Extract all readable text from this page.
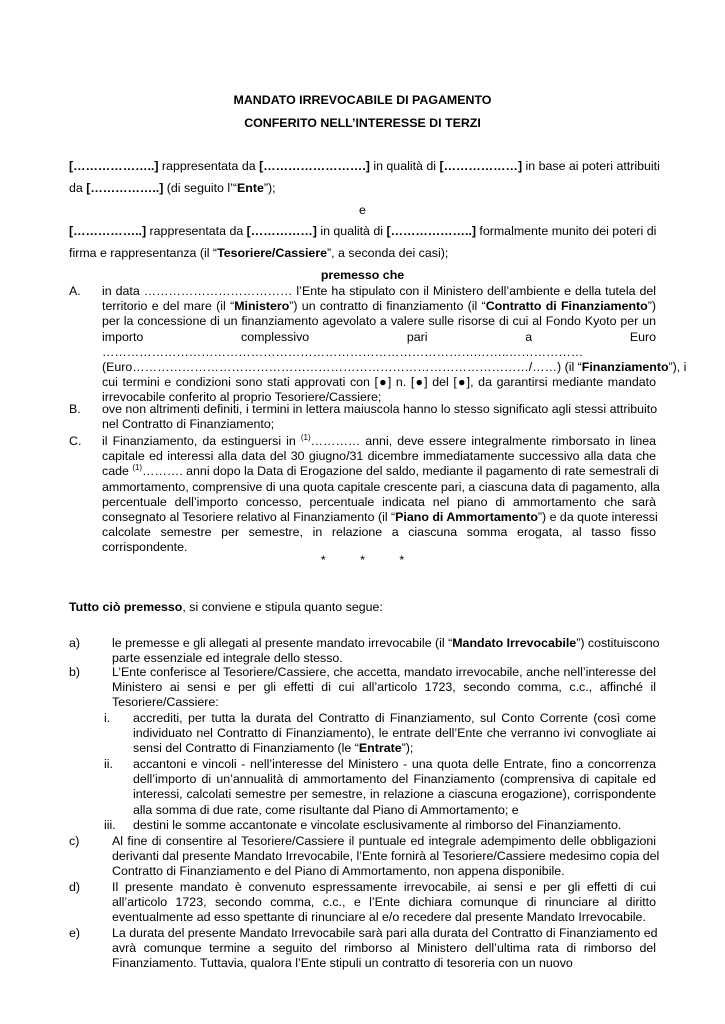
MANDATO IRREVOCABILE DI PAGAMENTO
CONFERITO NELL’INTERESSE DI TERZI
[………………..] rappresentata da […………………….] in qualità di [………………] in base ai poteri attribuiti
da [……………..] (di seguito l’“Ente”);
e
[……………..] rappresentata da [……………] in qualità di [………………..] formalmente munito dei poteri di
firma e rappresentanza (il “Tesoriere/Cassiere”, a seconda dei casi);
premesso che
A. in data ……………………………… l’Ente ha stipulato con il Ministero dell’ambiente e della tutela del
territorio e del mare (il “Ministero”) un contratto di finanziamento (il “Contratto di Finanziamento”)
per la concessione di un finanziamento agevolato a valere sulle risorse di cui al Fondo Kyoto per un
importo complessivo pari a Euro
……………………………………………………………………………….……..………………
(Euro……………………………………………………………………………………/……) (il “Finanziamento”), i
cui termini e condizioni sono stati approvati con [●] n. [●] del [●], da garantirsi mediante mandato
irrevocabile conferito al proprio Tesoriere/Cassiere;
B. ove non altrimenti definiti, i termini in lettera maiuscola hanno lo stesso significato agli stessi attribuito
nel Contratto di Finanziamento;
C. il Finanziamento, da estinguersi in $^{(1)}$………… anni, deve essere integralmente rimborsato in linea
capitale ed interessi alla data del 30 giugno/31 dicembre immediatamente successivo alla data che
cade $^{(1)}$………. anni dopo la Data di Erogazione del saldo, mediante il pagamento di rate semestrali di
ammortamento, comprensive di una quota capitale crescente pari, a ciascuna data di pagamento, alla
percentuale dell’importo concesso, percentuale indicata nel piano di ammortamento che sarà
consegnato al Tesoriere relativo al Finanziamento (il “Piano di Ammortamento”) e da quote interessi
calcolate semestre per semestre, in relazione a ciascuna somma erogata, al tasso fisso
corrispondente.
*          *          *
Tutto ciò premesso, si conviene e stipula quanto segue:
a)	le premesse e gli allegati al presente mandato irrevocabile (il “Mandato Irrevocabile”) costituiscono
parte essenziale ed integrale dello stesso.
b)	L’Ente conferisce al Tesoriere/Cassiere, che accetta, mandato irrevocabile, anche nell’interesse del
Ministero ai sensi e per gli effetti di cui all’articolo 1723, secondo comma, c.c., affinché il
Tesoriere/Cassiere:
i. accrediti, per tutta la durata del Contratto di Finanziamento, sul Conto Corrente (così come
individuato nel Contratto di Finanziamento), le entrate dell’Ente che verranno ivi convogliate ai
sensi del Contratto di Finanziamento (le “Entrate”);
ii. accantoni e vincoli - nell’interesse del Ministero - una quota delle Entrate, fino a concorrenza
dell’importo di un’annualità di ammortamento del Finanziamento (comprensiva di capitale ed
interessi, calcolati semestre per semestre, in relazione a ciascuna erogazione), corrispondente
alla somma di due rate, come risultante dal Piano di Ammortamento; e
iii. destini le somme accantonate e vincolate esclusivamente al rimborso del Finanziamento.
c)	Al fine di consentire al Tesoriere/Cassiere il puntuale ed integrale adempimento delle obbligazioni
derivanti dal presente Mandato Irrevocabile, l’Ente fornirà al Tesoriere/Cassiere medesimo copia del
Contratto di Finanziamento e del Piano di Ammortamento, non appena disponibile.
d)	Il presente mandato è convenuto espressamente irrevocabile, ai sensi e per gli effetti di cui
all’articolo 1723, secondo comma, c.c., e l’Ente dichiara comunque di rinunciare al diritto
eventualmente ad esso spettante di rinunciare al e/o recedere dal presente Mandato Irrevocabile.
e)	La durata del presente Mandato Irrevocabile sarà pari alla durata del Contratto di Finanziamento ed
avrà comunque termine a seguito del rimborso al Ministero dell’ultima rata di rimborso del
Finanziamento. Tuttavia, qualora l’Ente stipuli un contratto di tesoreria con un nuovo
